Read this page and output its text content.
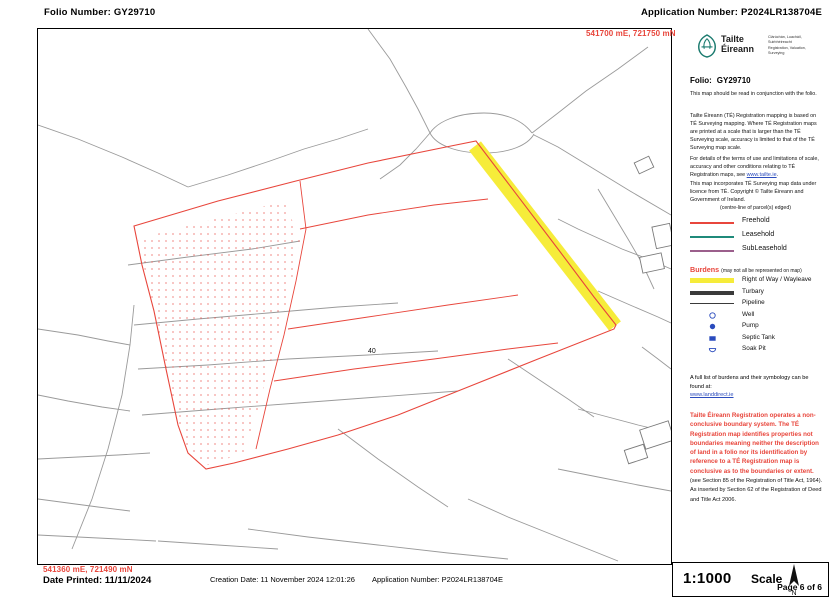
Folio Number: GY29710	Application Number: P2024LR138704E
40
541700 mE, 721750 mN
541360 mE, 721490 mN
Tailte
Éireann
Clárúchán, Luacháil,
Suirbhéireacht
Registration, Valuation,
Surveying
Folio: GY29710
This map should be read in conjunction with the folio.
Tailte Éireann (TÉ) Registration mapping is based on TÉ Surveying mapping. Where TÉ Registration maps are printed at a scale that is larger than the TÉ Surveying scale, accuracy is limited to that of the TÉ Surveying map scale.
For details of the terms of use and limitations of scale, accuracy and other conditions relating to TÉ Registration maps, see www.tailte.ie.
This map incorporates TÉ Surveying map data under licence from TÉ. Copyright © Tailte Éireann and Government of Ireland.
(centre-line of parcel(s) edged)
Freehold
Leasehold
SubLeasehold
Burdens (may not all be represented on map)
Right of Way / Wayleave
Turbary
Pipeline
Well
Pump
Septic Tank
Soak Pit
A full list of burdens and their symbology can be found at:
www.landdirect.ie
Tailte Éireann Registration operates a non-conclusive boundary system. The TÉ Registration map identifies properties not boundaries meaning neither the description of land in a folio nor its identification by reference to a TÉ Registration map is conclusive as to the boundaries or extent. (see Section 85 of the Registration of Title Act, 1964). As inserted by Section 62 of the Registration of Deed and Title Act 2006.
Date Printed: 11/11/2024	Creation Date: 11 November 2024 12:01:26 Application Number: P2024LR138704E	1:1000 Scale
N
Page 6 of 6
